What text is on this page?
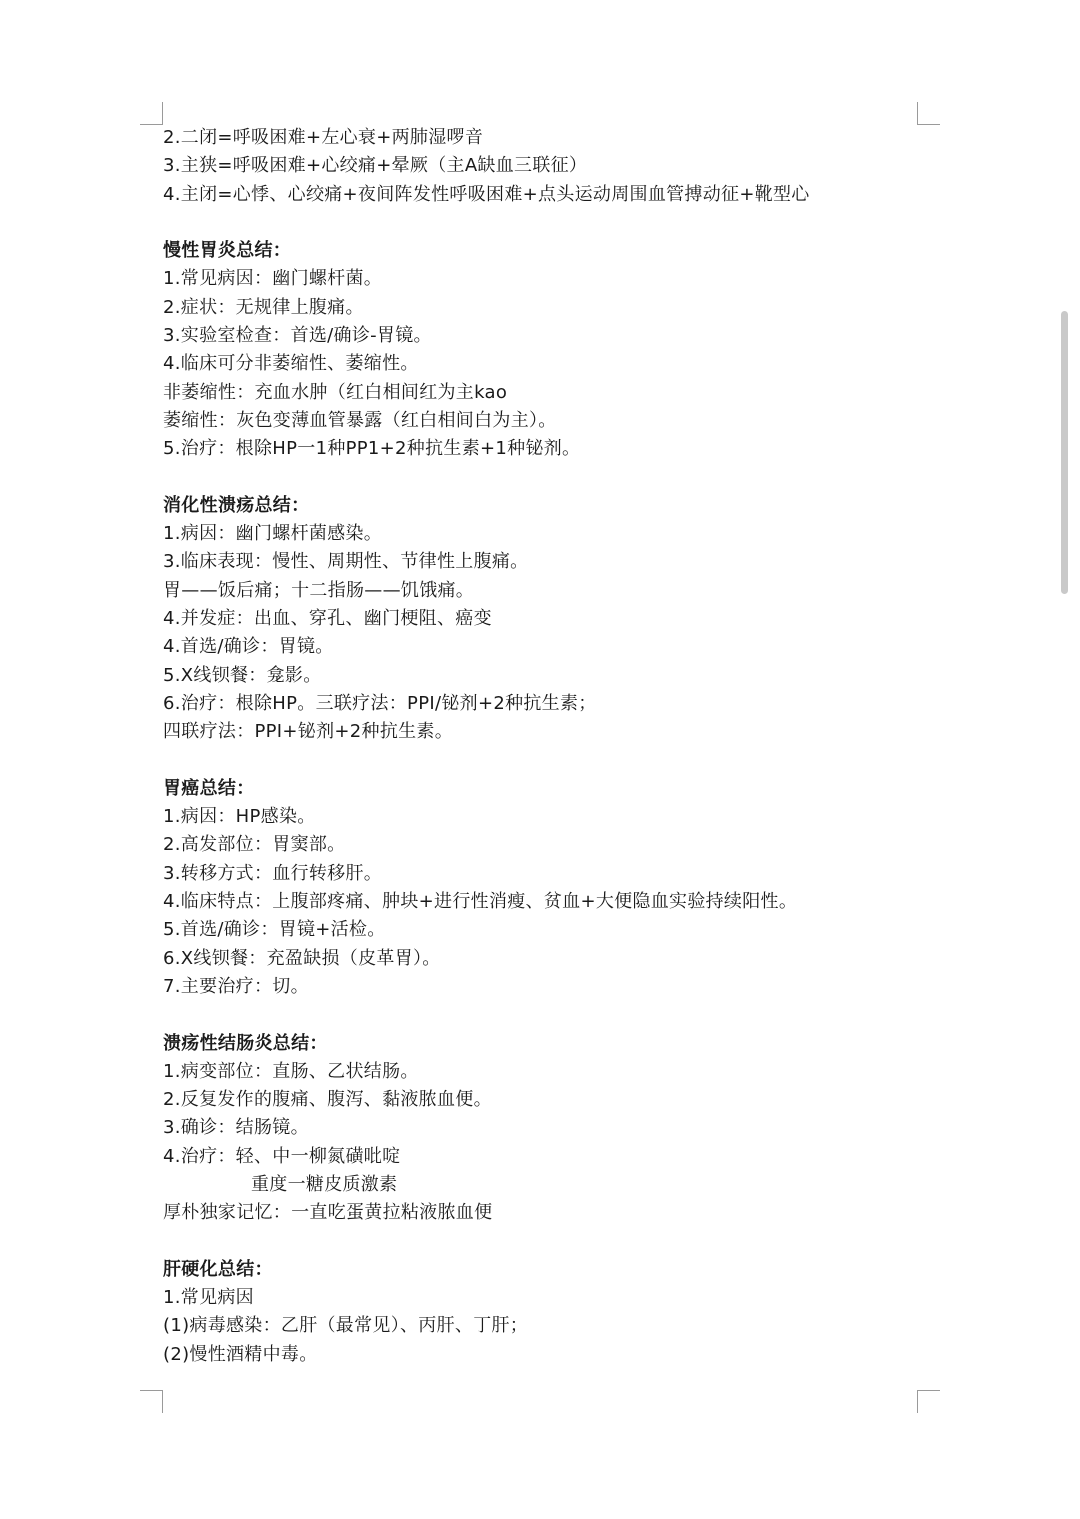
2.二闭=呼吸困难+左心衰+两肺湿啰音
3.主狭=呼吸困难+心绞痛+晕厥（主A缺血三联征）
4.主闭=心悸、心绞痛+夜间阵发性呼吸困难+点头运动周围血管搏动征+靴型心
慢性胃炎总结：
1.常见病因：幽门螺杆菌。
2.症状：无规律上腹痛。
3.实验室检查：首选/确诊-胃镜。
4.临床可分非萎缩性、萎缩性。
非萎缩性：充血水肿（红白相间红为主kao
萎缩性：灰色变薄血管暴露（红白相间白为主）。
5.治疗：根除HP一1种PP1+2种抗生素+1种铋剂。
消化性溃疡总结：
1.病因：幽门螺杆菌感染。
3.临床表现：慢性、周期性、节律性上腹痛。
胃——饭后痛；十二指肠——饥饿痛。
4.并发症：出血、穿孔、幽门梗阻、癌变
4.首选/确诊：胃镜。
5.X线钡餐：龛影。
6.治疗：根除HP。三联疗法：PPI/铋剂+2种抗生素；
四联疗法：PPI+铋剂+2种抗生素。
胃癌总结：
1.病因：HP感染。
2.高发部位：胃窦部。
3.转移方式：血行转移肝。
4.临床特点：上腹部疼痛、肿块+进行性消瘦、贫血+大便隐血实验持续阳性。
5.首选/确诊：胃镜+活检。
6.X线钡餐：充盈缺损（皮革胃）。
7.主要治疗：切。
溃疡性结肠炎总结：
1.病变部位：直肠、乙状结肠。
2.反复发作的腹痛、腹泻、黏液脓血便。
3.确诊：结肠镜。
4.治疗：轻、中一柳氮磺吡啶
重度一糖皮质激素
厚朴独家记忆：一直吃蛋黄拉粘液脓血便
肝硬化总结：
1.常见病因
(1)病毒感染：乙肝（最常见）、丙肝、丁肝；
(2)慢性酒精中毒。
